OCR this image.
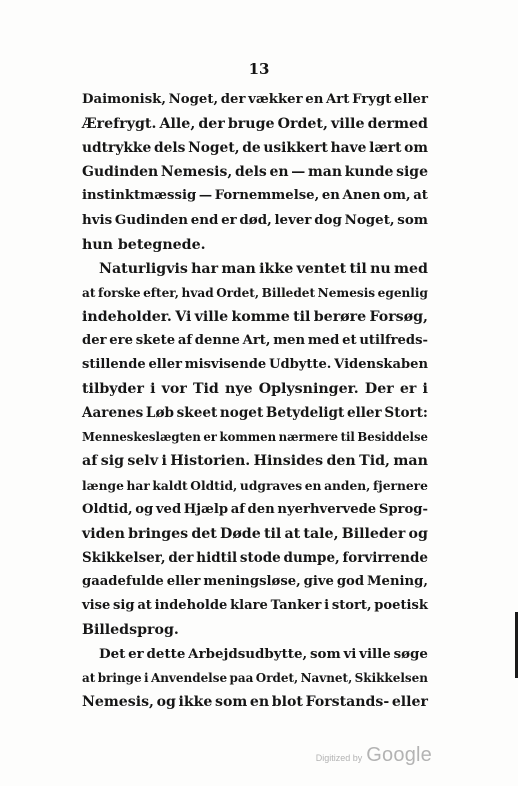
13
Daimonisk, Noget, der vækker en Art Frygt eller
Ærefrygt. Alle, der bruge Ordet, ville dermed
udtrykke dels Noget, de usikkert have lært om
Gudinden Nemesis, dels en — man kunde sige
instinktmæssig — Fornemmelse, en Anen om, at
hvis Gudinden end er død, lever dog Noget, som
hun betegnede.
Naturligvis har man ikke ventet til nu med
at forske efter, hvad Ordet, Billedet Nemesis egenlig
indeholder. Vi ville komme til berøre Forsøg,
der ere skete af denne Art, men med et utilfreds-
stillende eller misvisende Udbytte. Videnskaben
tilbyder i vor Tid nye Oplysninger. Der er i
Aarenes Løb skeet noget Betydeligt eller Stort:
Menneskeslægten er kommen nærmere til Besiddelse
af sig selv i Historien. Hinsides den Tid, man
længe har kaldt Oldtid, udgraves en anden, fjernere
Oldtid, og ved Hjælp af den nyerhvervede Sprog-
viden bringes det Døde til at tale, Billeder og
Skikkelser, der hidtil stode dumpe, forvirrende
gaadefulde eller meningsløse, give god Mening,
vise sig at indeholde klare Tanker i stort, poetisk
Billedsprog.
Det er dette Arbejdsudbytte, som vi ville søge
at bringe i Anvendelse paa Ordet, Navnet, Skikkelsen
Nemesis, og ikke som en blot Forstands- eller
Digitized by Google
